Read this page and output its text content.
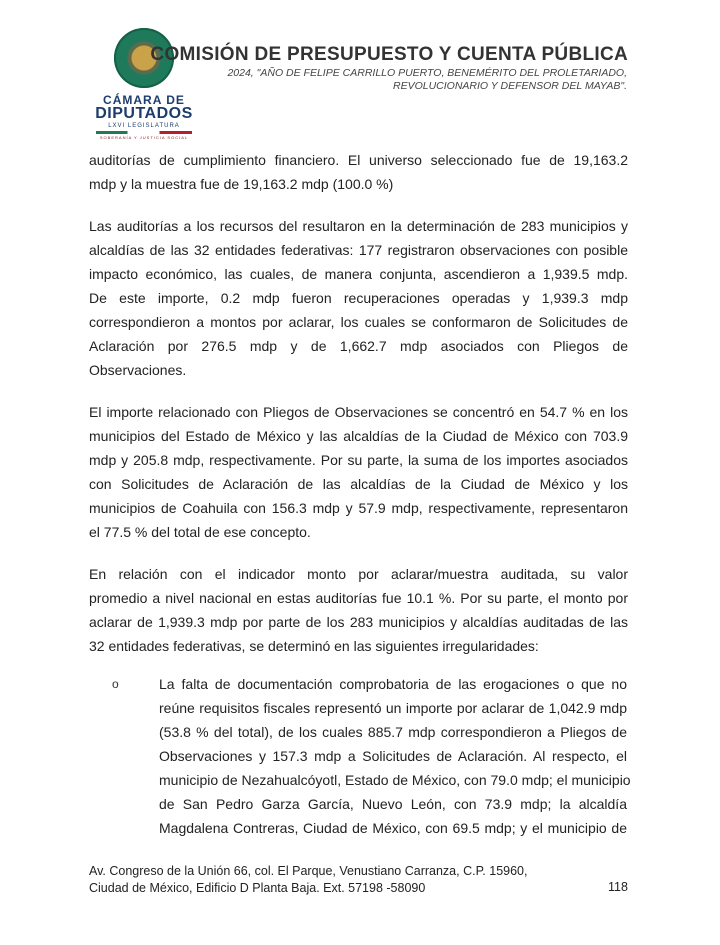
CÁMARA DE
DIPUTADOS
LXVI LEGISLATURA
SOBERANÍA Y JUSTICIA SOCIAL
COMISIÓN DE PRESUPUESTO Y CUENTA PÚBLICA
2024, "AÑO DE FELIPE CARRILLO PUERTO, BENEMÉRITO DEL PROLETARIADO,
REVOLUCIONARIO Y DEFENSOR DEL MAYAB".

auditorías de cumplimiento financiero. El universo seleccionado fue de 19,163.2
mdp y la muestra fue de 19,163.2 mdp (100.0 %)

Las auditorías a los recursos del resultaron en la determinación de 283 municipios y
alcaldías de las 32 entidades federativas: 177 registraron observaciones con posible
impacto económico, las cuales, de manera conjunta, ascendieron a 1,939.5 mdp.
De este importe, 0.2 mdp fueron recuperaciones operadas y 1,939.3 mdp
correspondieron a montos por aclarar, los cuales se conformaron de Solicitudes de
Aclaración por 276.5 mdp y de 1,662.7 mdp asociados con Pliegos de
Observaciones.

El importe relacionado con Pliegos de Observaciones se concentró en 54.7 % en los
municipios del Estado de México y las alcaldías de la Ciudad de México con 703.9
mdp y 205.8 mdp, respectivamente. Por su parte, la suma de los importes asociados
con Solicitudes de Aclaración de las alcaldías de la Ciudad de México y los
municipios de Coahuila con 156.3 mdp y 57.9 mdp, respectivamente, representaron
el 77.5 % del total de ese concepto.

En relación con el indicador monto por aclarar/muestra auditada, su valor
promedio a nivel nacional en estas auditorías fue 10.1 %. Por su parte, el monto por
aclarar de 1,939.3 mdp por parte de los 283 municipios y alcaldías auditadas de las
32 entidades federativas, se determinó en las siguientes irregularidades:

o	La falta de documentación comprobatoria de las erogaciones o que no
reúne requisitos fiscales representó un importe por aclarar de 1,042.9 mdp
(53.8 % del total), de los cuales 885.7 mdp correspondieron a Pliegos de
Observaciones y 157.3 mdp a Solicitudes de Aclaración. Al respecto, el
municipio de Nezahualcóyotl, Estado de México, con 79.0 mdp; el municipio
de San Pedro Garza García, Nuevo León, con 73.9 mdp; la alcaldía
Magdalena Contreras, Ciudad de México, con 69.5 mdp; y el municipio de

Av. Congreso de la Unión 66, col. El Parque, Venustiano Carranza, C.P. 15960,
Ciudad de México, Edificio D Planta Baja. Ext. 57198 -58090	118
